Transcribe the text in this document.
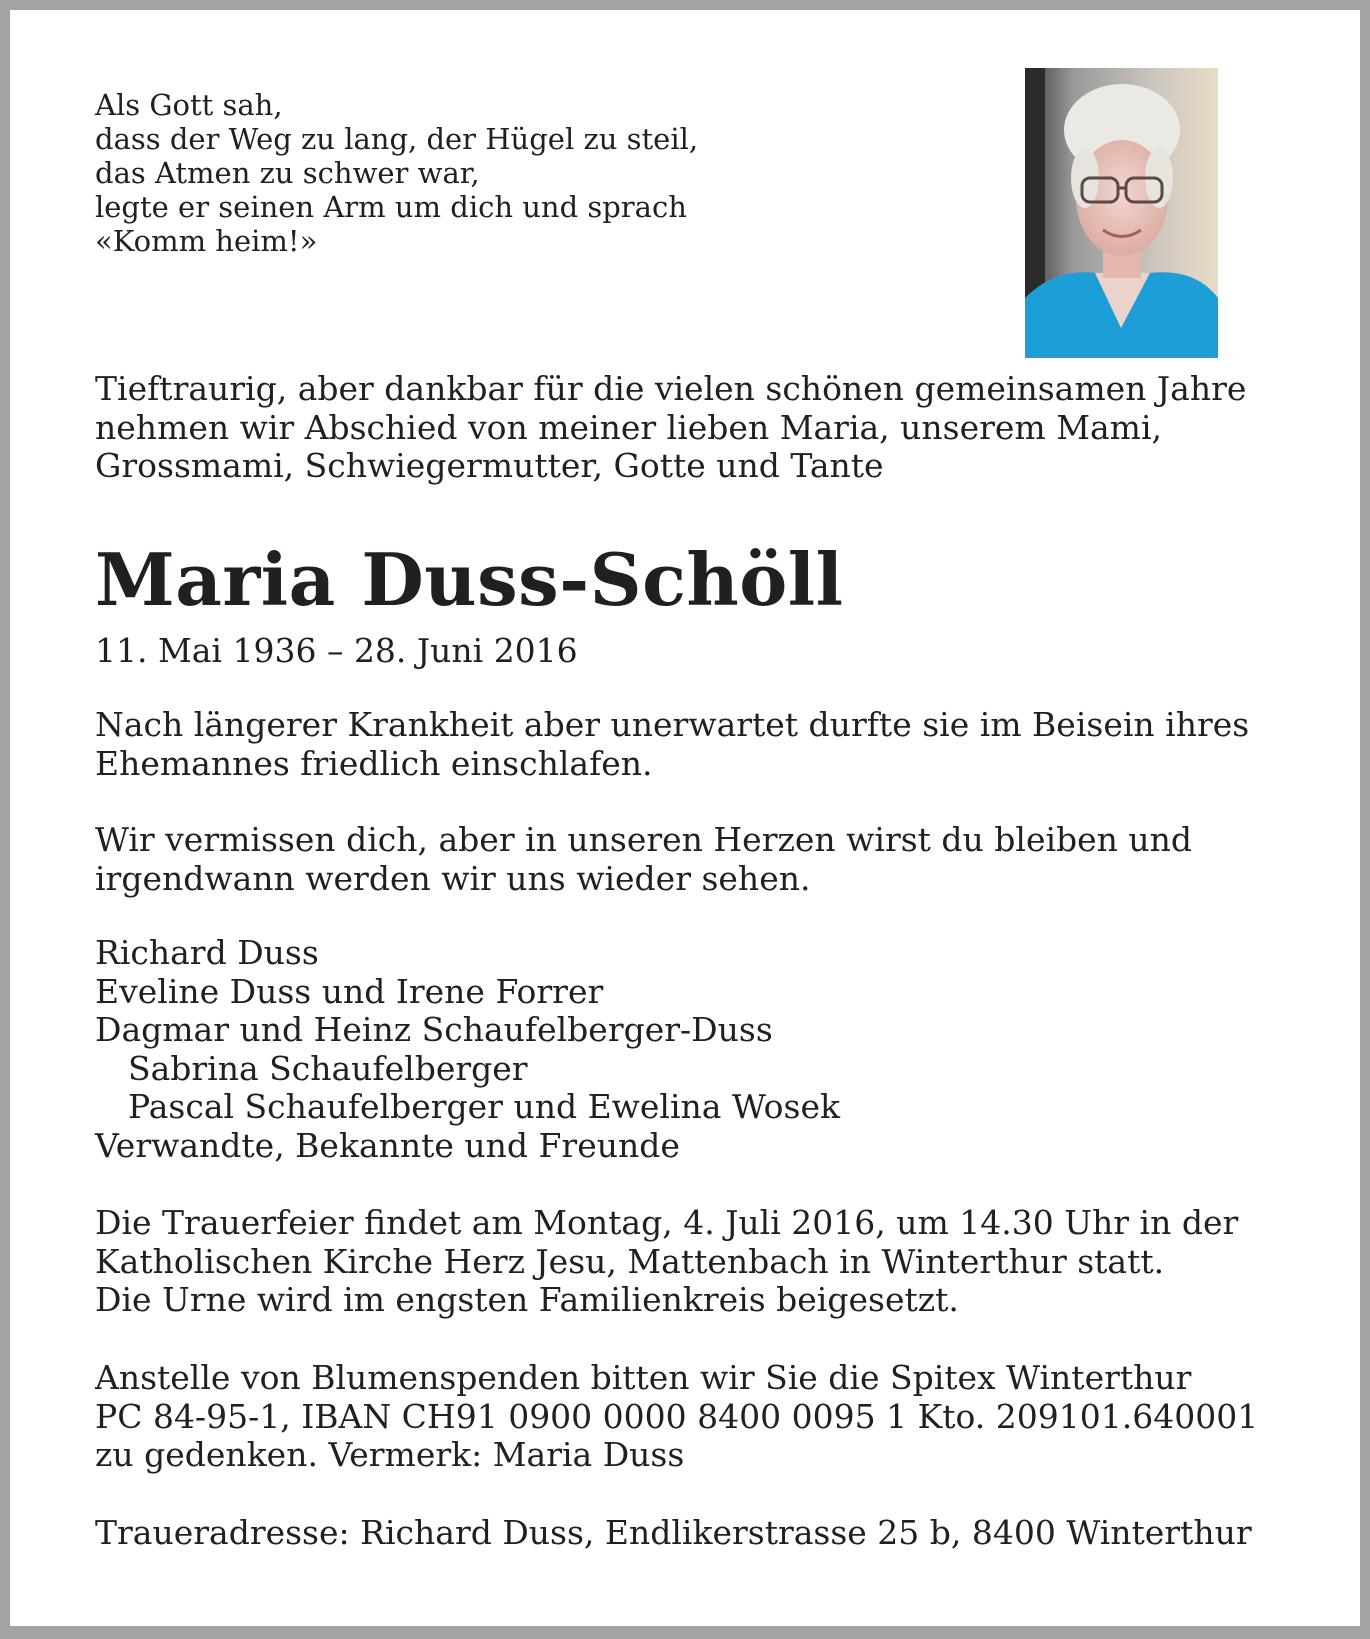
Als Gott sah,
dass der Weg zu lang, der Hügel zu steil,
das Atmen zu schwer war,
legte er seinen Arm um dich und sprach
«Komm heim!»
Tieftraurig, aber dankbar für die vielen schönen gemeinsamen Jahre
nehmen wir Abschied von meiner lieben Maria, unserem Mami,
Grossmami, Schwiegermutter, Gotte und Tante
Maria Duss-Schöll
11. Mai 1936 – 28. Juni 2016
Nach längerer Krankheit aber unerwartet durfte sie im Beisein ihres
Ehemannes friedlich einschlafen.
Wir vermissen dich, aber in unseren Herzen wirst du bleiben und
irgendwann werden wir uns wieder sehen.
Richard Duss
Eveline Duss und Irene Forrer
Dagmar und Heinz Schaufelberger-Duss
Sabrina Schaufelberger
Pascal Schaufelberger und Ewelina Wosek
Verwandte, Bekannte und Freunde
Die Trauerfeier findet am Montag, 4. Juli 2016, um 14.30 Uhr in der
Katholischen Kirche Herz Jesu, Mattenbach in Winterthur statt.
Die Urne wird im engsten Familienkreis beigesetzt.
Anstelle von Blumenspenden bitten wir Sie die Spitex Winterthur
PC 84-95-1, IBAN CH91 0900 0000 8400 0095 1 Kto. 209101.640001
zu gedenken. Vermerk: Maria Duss
Traueradresse: Richard Duss, Endlikerstrasse 25 b, 8400 Winterthur
